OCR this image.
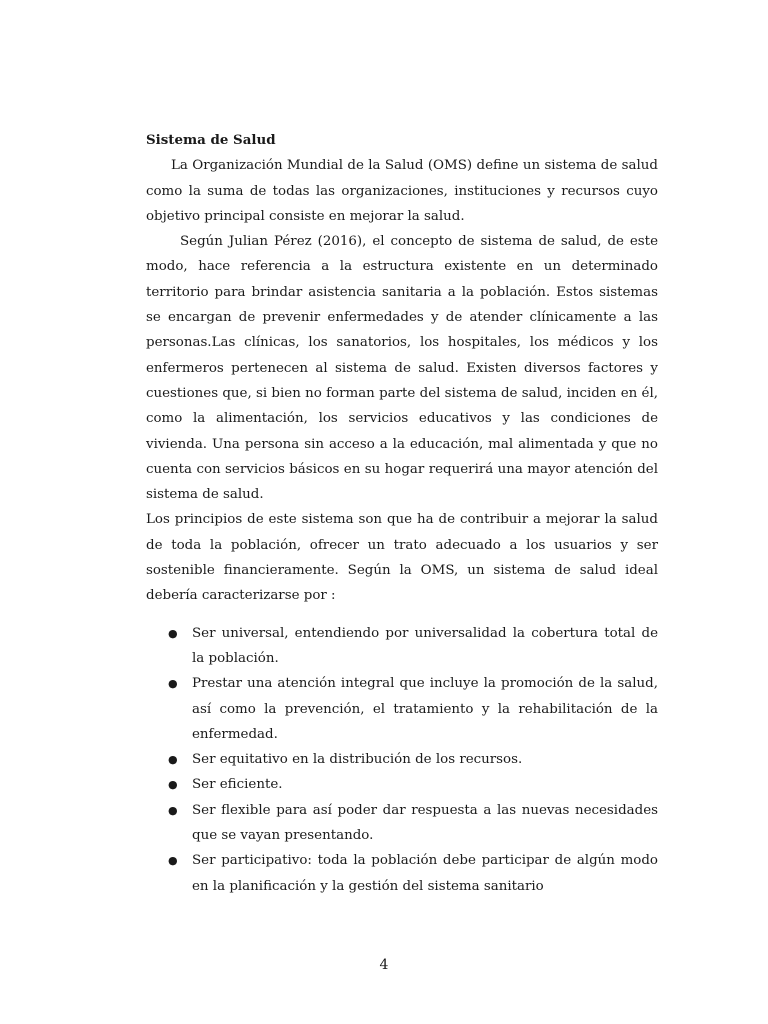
Sistema de Salud

La Organización Mundial de la Salud (OMS) define un sistema de salud como la suma de todas las organizaciones, instituciones y recursos cuyo objetivo principal consiste en mejorar la salud.

Según Julian Pérez (2016), el concepto de sistema de salud, de este modo, hace referencia a la estructura existente en un determinado territorio para brindar asistencia sanitaria a la población. Estos sistemas se encargan de prevenir enfermedades y de atender clínicamente a las personas.Las clínicas, los sanatorios, los hospitales, los médicos y los enfermeros pertenecen al sistema de salud. Existen diversos factores y cuestiones que, si bien no forman parte del sistema de salud, inciden en él, como la alimentación, los servicios educativos y las condiciones de vivienda. Una persona sin acceso a la educación, mal alimentada y que no cuenta con servicios básicos en su hogar requerirá una mayor atención del sistema de salud.

Los principios de este sistema son que ha de contribuir a mejorar la salud de toda la población, ofrecer un trato adecuado a los usuarios y ser sostenible financieramente. Según la OMS, un sistema de salud ideal debería caracterizarse por :

● Ser universal, entendiendo por universalidad la cobertura total de la población.
● Prestar una atención integral que incluye la promoción de la salud, así como la prevención, el tratamiento y la rehabilitación de la enfermedad.
● Ser equitativo en la distribución de los recursos.
● Ser eficiente.
● Ser flexible para así poder dar respuesta a las nuevas necesidades que se vayan presentando.
● Ser participativo: toda la población debe participar de algún modo en la planificación y la gestión del sistema sanitario
4
